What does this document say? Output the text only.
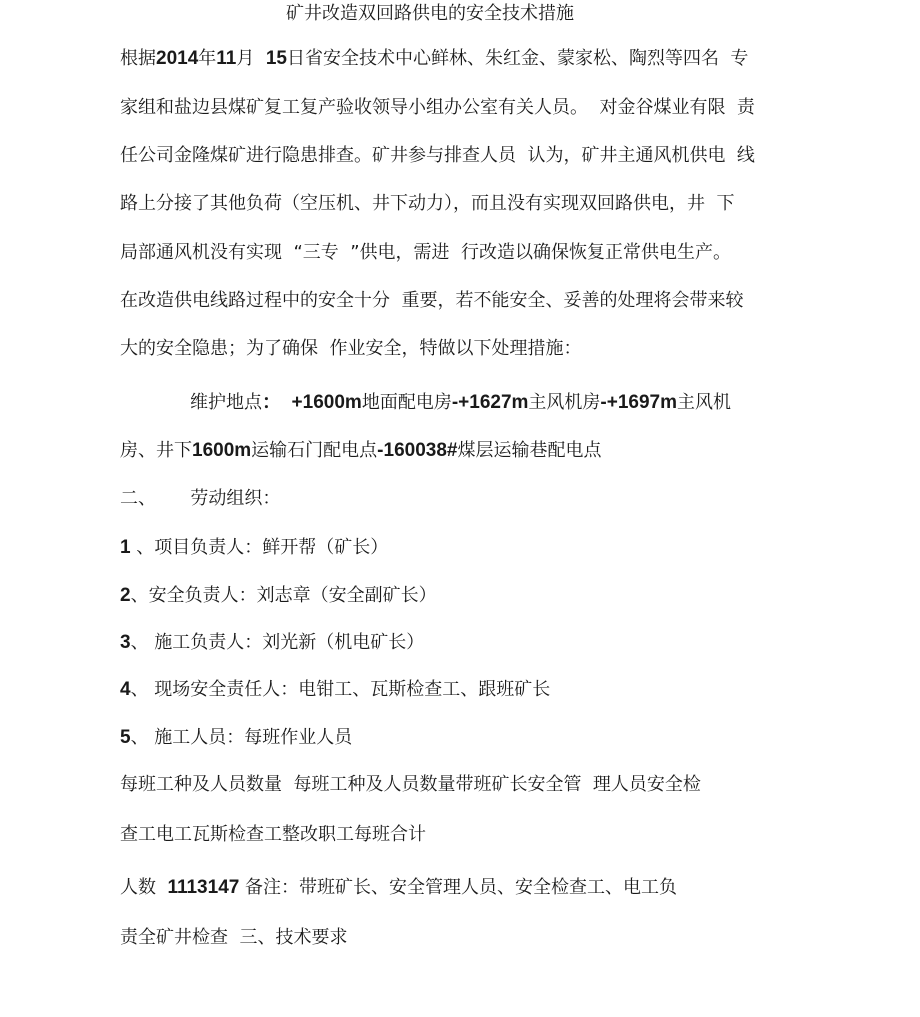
矿井改造双回路供电的安全技术措施
根据2014年11月  15日省安全技术中心鲜林、朱红金、蒙家松、陶烈等四名  专
家组和盐边县煤矿复工复产验收领导小组办公室有关人员。  对金谷煤业有限  责
任公司金隆煤矿进行隐患排查。矿井参与排查人员  认为，矿井主通风机供电  线
路上分接了其他负荷（空压机、井下动力），而且没有实现双回路供电，井  下
局部通风机没有实现  “三专  ”供电，需进  行改造以确保恢复正常供电生产。
在改造供电线路过程中的安全十分  重要，若不能安全、妥善的处理将会带来较
大的安全隐患；为了确保  作业安全，特做以下处理措施：
维护地点：  +1600m地面配电房-+1627m主风机房-+1697m主风机
房、井下1600m运输石门配电点-160038#煤层运输巷配电点
二、      劳动组织：
1 、项目负责人：鲜开帮（矿长）
2、安全负责人：刘志章（安全副矿长）
3、 施工负责人：刘光新（机电矿长）
4、 现场安全责任人：电钳工、瓦斯检查工、跟班矿长
5、 施工人员：每班作业人员
每班工种及人员数量  每班工种及人员数量带班矿长安全管  理人员安全检
查工电工瓦斯检查工整改职工每班合计
人数  1113147 备注：带班矿长、安全管理人员、安全检查工、电工负
责全矿井检查  三、技术要求
